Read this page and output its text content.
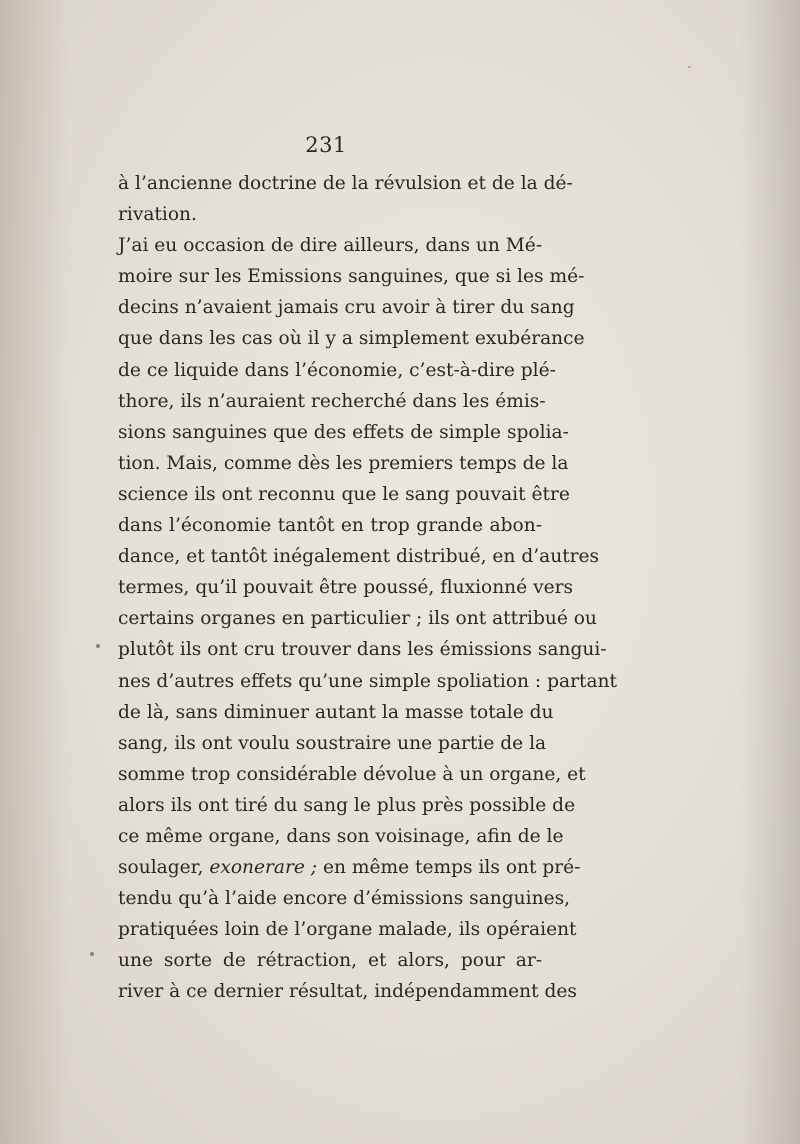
231
à l’ancienne doctrine de la révulsion et de la dé-
rivation.
J’ai eu occasion de dire ailleurs, dans un Mé-
moire sur les Emissions sanguines, que si les mé-
decins n’avaient jamais cru avoir à tirer du sang
que dans les cas où il y a simplement exubérance
de ce liquide dans l’économie, c’est-à-dire plé-
thore, ils n’auraient recherché dans les émis-
sions sanguines que des effets de simple spolia-
tion. Mais, comme dès les premiers temps de la
science ils ont reconnu que le sang pouvait être
dans l’économie tantôt en trop grande abon-
dance, et tantôt inégalement distribué, en d’autres
termes, qu’il pouvait être poussé, fluxionné vers
certains organes en particulier ; ils ont attribué ou
plutôt ils ont cru trouver dans les émissions sangui-
nes d’autres effets qu’une simple spoliation : partant
de là, sans diminuer autant la masse totale du
sang, ils ont voulu soustraire une partie de la
somme trop considérable dévolue à un organe, et
alors ils ont tiré du sang le plus près possible de
ce même organe, dans son voisinage, afin de le
soulager, exonerare ; en même temps ils ont pré-
tendu qu’à l’aide encore d’émissions sanguines,
pratiquées loin de l’organe malade, ils opéraient
une sorte de rétraction, et alors, pour ar-
river à ce dernier résultat, indépendamment des
